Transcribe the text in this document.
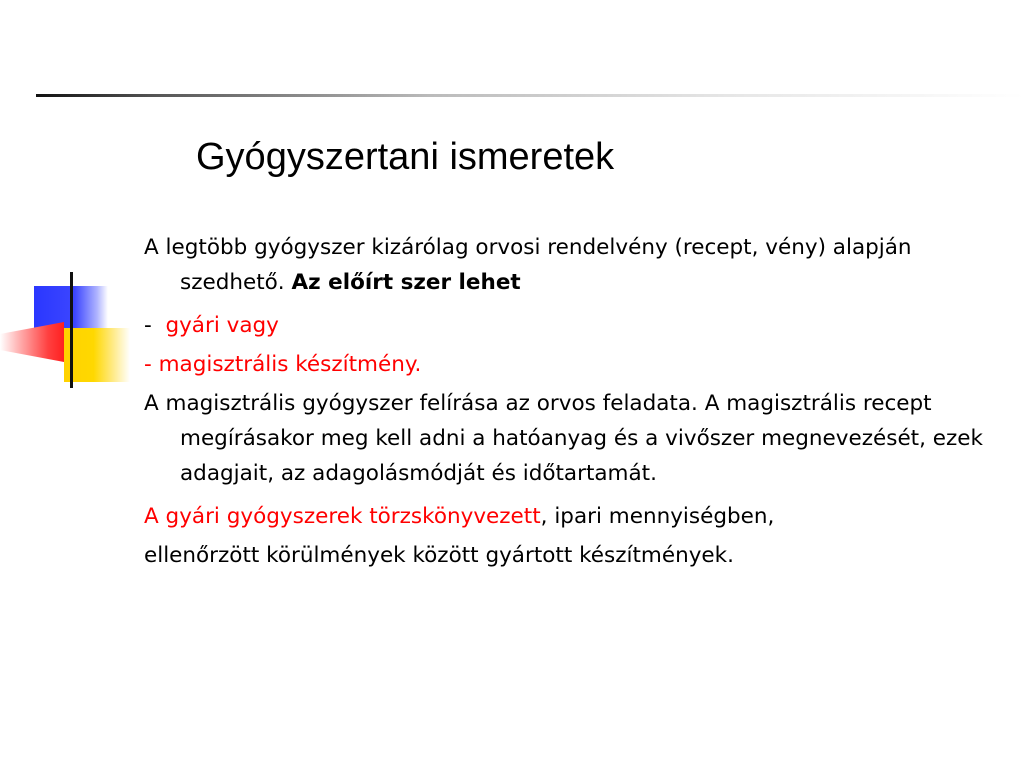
Gyógyszertani ismeretek
A legtöbb gyógyszer kizárólag orvosi rendelvény (recept, vény) alapján szedhető. Az előírt szer lehet
- gyári vagy
- magisztrális készítmény.
A magisztrális gyógyszer felírása az orvos feladata. A magisztrális recept megírásakor meg kell adni a hatóanyag és a vivőszer megnevezését, ezek adagjait, az adagolásmódját és időtartamát.
A gyári gyógyszerek törzskönyvezett, ipari mennyiségben,
ellenőrzött körülmények között gyártott készítmények.
